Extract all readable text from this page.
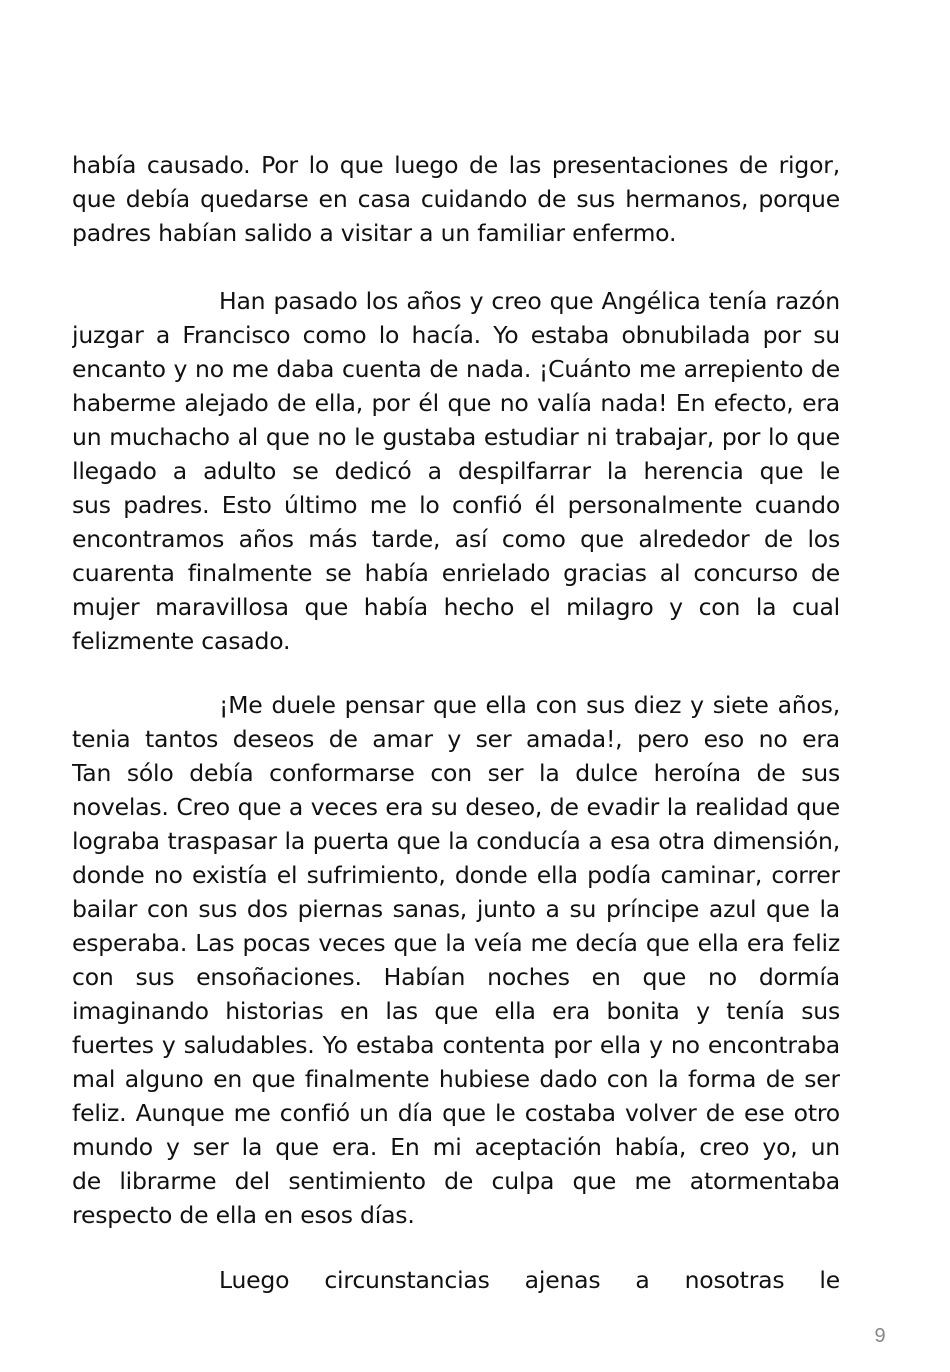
había causado. Por lo que luego de las presentaciones de rigor,
que debía quedarse en casa cuidando de sus hermanos, porque
padres habían salido a visitar a un familiar enfermo.
Han pasado los años y creo que Angélica tenía razón
juzgar a Francisco como lo hacía. Yo estaba obnubilada por su
encanto y no me daba cuenta de nada. ¡Cuánto me arrepiento de
haberme alejado de ella, por él que no valía nada! En efecto, era
un muchacho al que no le gustaba estudiar ni trabajar, por lo que
llegado a adulto se dedicó a despilfarrar la herencia que le
sus padres. Esto último me lo confió él personalmente cuando
encontramos años más tarde, así como que alrededor de los
cuarenta finalmente se había enrielado gracias al concurso de
mujer maravillosa que había hecho el milagro y con la cual
felizmente casado.
¡Me duele pensar que ella con sus diez y siete años,
tenia tantos deseos de amar y ser amada!, pero eso no era
Tan sólo debía conformarse con ser la dulce heroína de sus
novelas. Creo que a veces era su deseo, de evadir la realidad que
lograba traspasar la puerta que la conducía a esa otra dimensión,
donde no existía el sufrimiento, donde ella podía caminar, correr
bailar con sus dos piernas sanas, junto a su príncipe azul que la
esperaba. Las pocas veces que la veía me decía que ella era feliz
con sus ensoñaciones. Habían noches en que no dormía
imaginando historias en las que ella era bonita y tenía sus
fuertes y saludables. Yo estaba contenta por ella y no encontraba
mal alguno en que finalmente hubiese dado con la forma de ser
feliz. Aunque me confió un día que le costaba volver de ese otro
mundo y ser la que era. En mi aceptación había, creo yo, un
de librarme del sentimiento de culpa que me atormentaba
respecto de ella en esos días.
Luego circunstancias ajenas a nosotras le
9
